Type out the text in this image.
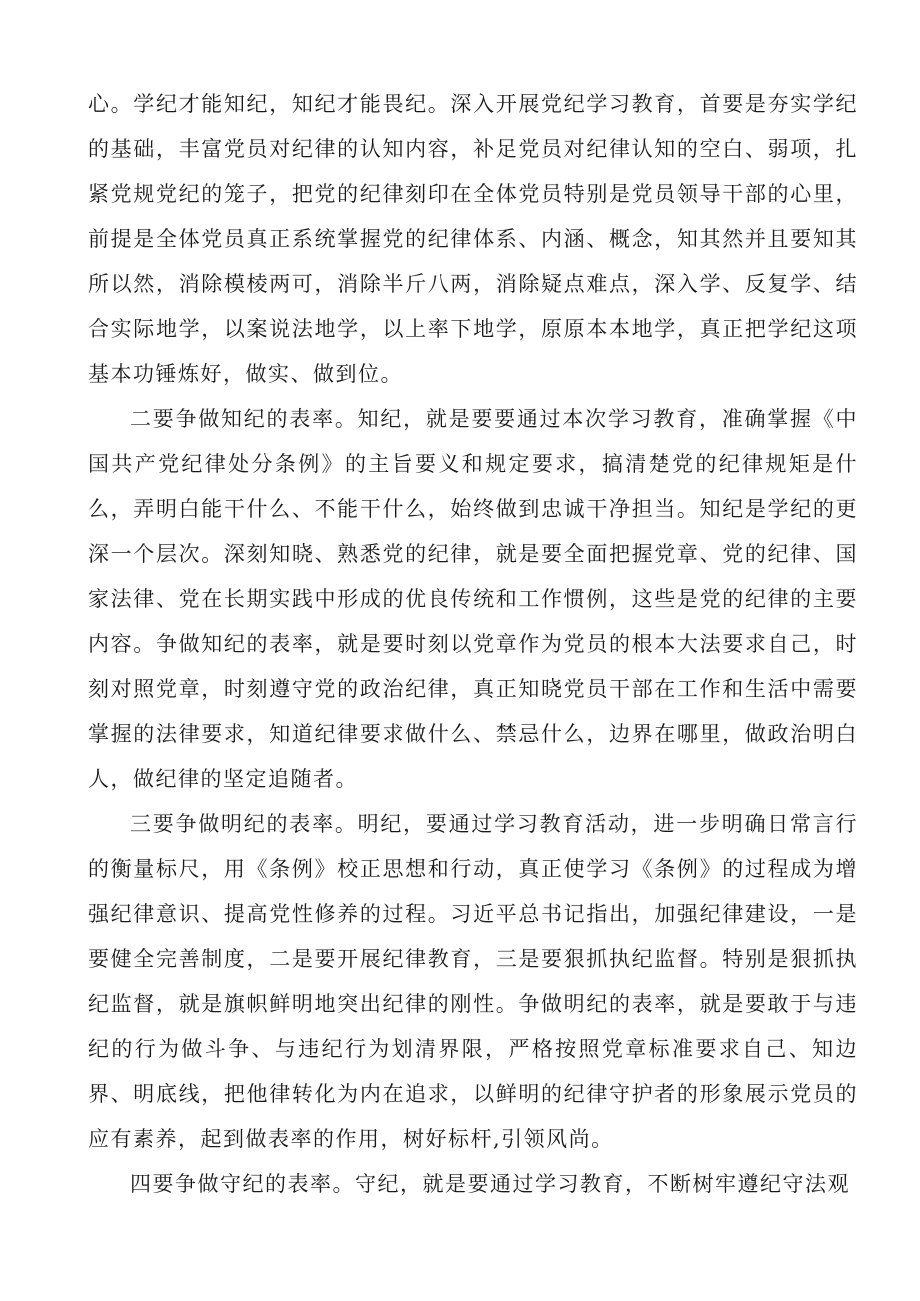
心。学纪才能知纪，知纪才能畏纪。深入开展党纪学习教育，首要是夯实学纪的基础，丰富党员对纪律的认知内容，补足党员对纪律认知的空白、弱项，扎紧党规党纪的笼子，把党的纪律刻印在全体党员特别是党员领导干部的心里，前提是全体党员真正系统掌握党的纪律体系、内涵、概念，知其然并且要知其所以然，消除模棱两可，消除半斤八两，消除疑点难点，深入学、反复学、结合实际地学，以案说法地学，以上率下地学，原原本本地学，真正把学纪这项基本功锤炼好，做实、做到位。

二要争做知纪的表率。知纪，就是要要通过本次学习教育，准确掌握《中国共产党纪律处分条例》的主旨要义和规定要求，搞清楚党的纪律规矩是什么，弄明白能干什么、不能干什么，始终做到忠诚干净担当。知纪是学纪的更深一个层次。深刻知晓、熟悉党的纪律，就是要全面把握党章、党的纪律、国家法律、党在长期实践中形成的优良传统和工作惯例，这些是党的纪律的主要内容。争做知纪的表率，就是要时刻以党章作为党员的根本大法要求自己，时刻对照党章，时刻遵守党的政治纪律，真正知晓党员干部在工作和生活中需要掌握的法律要求，知道纪律要求做什么、禁忌什么，边界在哪里，做政治明白人，做纪律的坚定追随者。

三要争做明纪的表率。明纪，要通过学习教育活动，进一步明确日常言行的衡量标尺，用《条例》校正思想和行动，真正使学习《条例》的过程成为增强纪律意识、提高党性修养的过程。习近平总书记指出，加强纪律建设，一是要健全完善制度，二是要开展纪律教育，三是要狠抓执纪监督。特别是狠抓执纪监督，就是旗帜鲜明地突出纪律的刚性。争做明纪的表率，就是要敢于与违纪的行为做斗争、与违纪行为划清界限，严格按照党章标准要求自己、知边界、明底线，把他律转化为内在追求，以鲜明的纪律守护者的形象展示党员的应有素养，起到做表率的作用，树好标杆,引领风尚。

四要争做守纪的表率。守纪，就是要通过学习教育，不断树牢遵纪守法观
